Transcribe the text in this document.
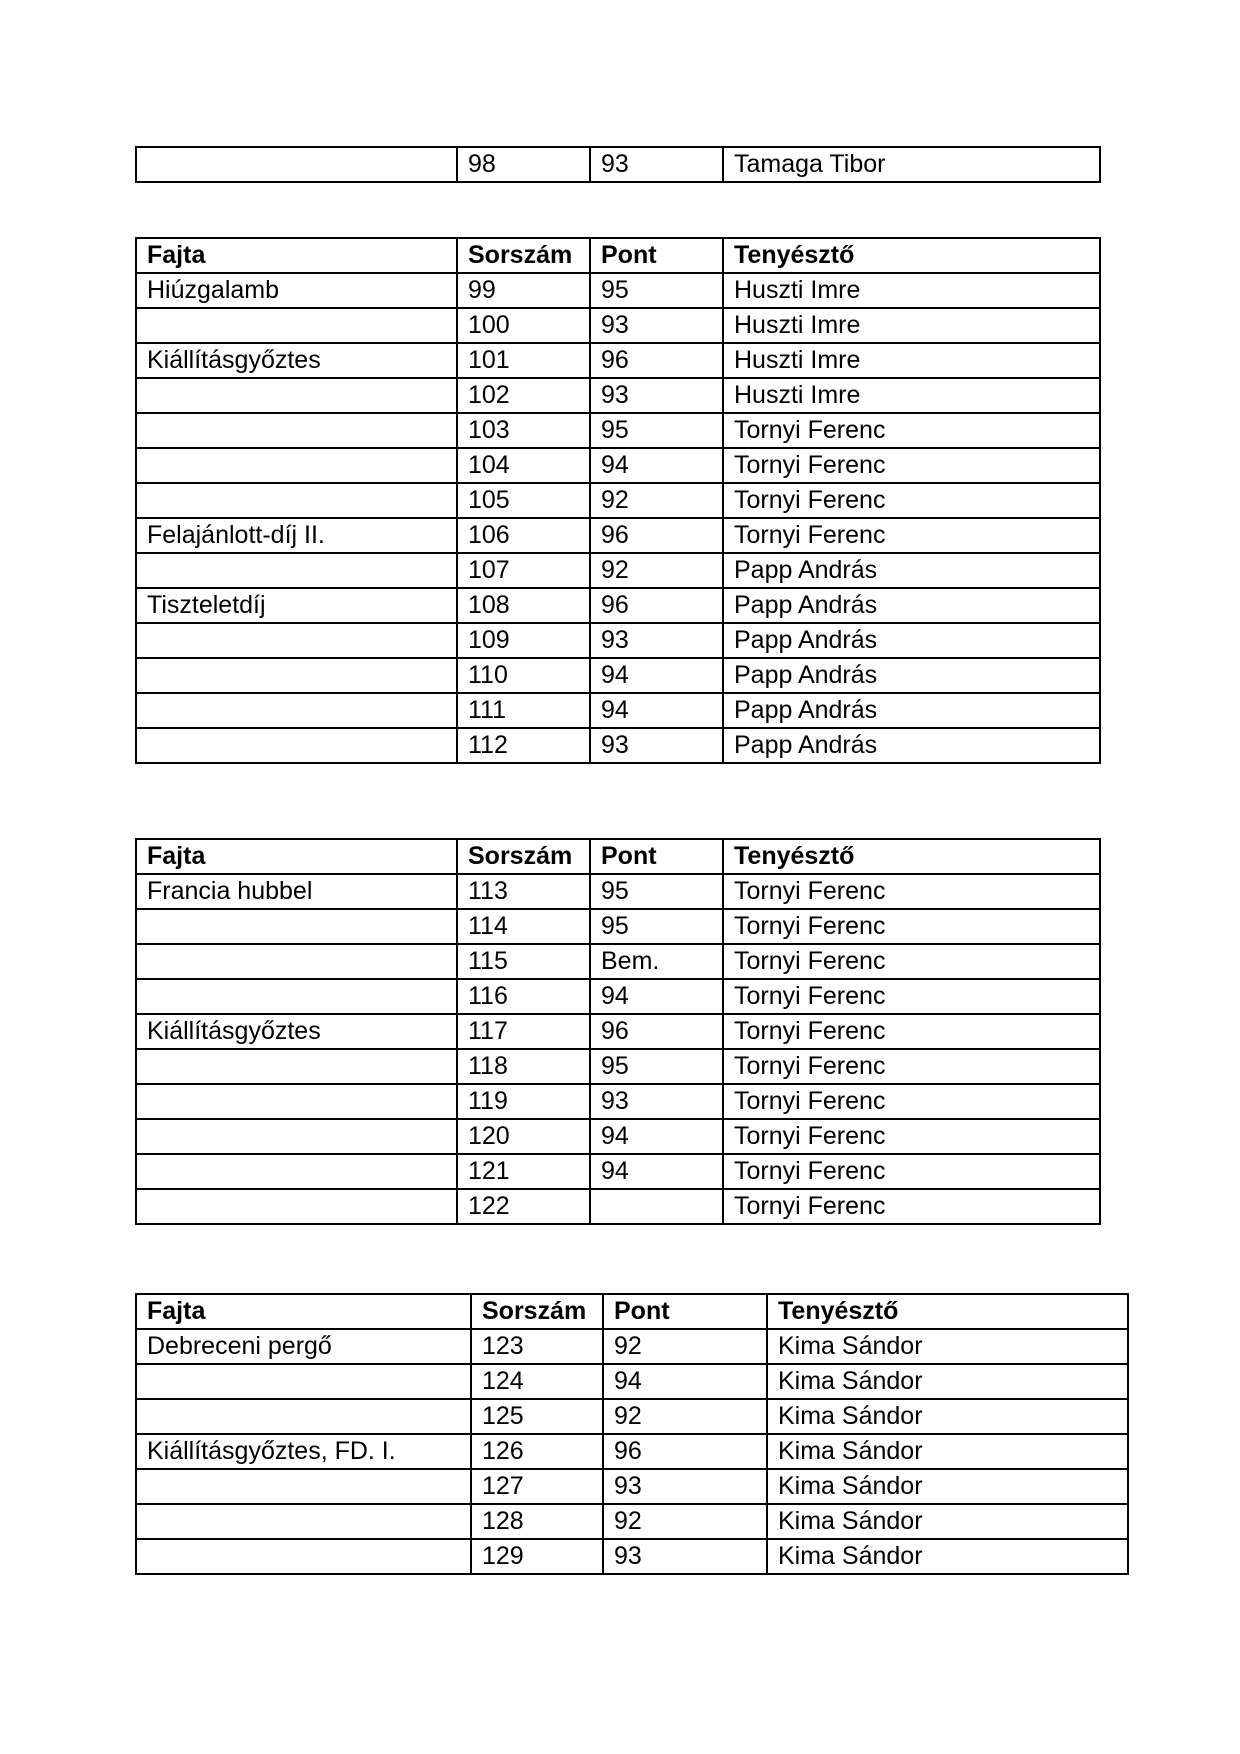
	98	93	Tamaga Tibor
Fajta	Sorszám	Pont	Tenyésztő
Hiúzgalamb	99	95	Huszti Imre
	100	93	Huszti Imre
Kiállításgyőztes	101	96	Huszti Imre
	102	93	Huszti Imre
	103	95	Tornyi Ferenc
	104	94	Tornyi Ferenc
	105	92	Tornyi Ferenc
Felajánlott-díj II.	106	96	Tornyi Ferenc
	107	92	Papp András
Tiszteletdíj	108	96	Papp András
	109	93	Papp András
	110	94	Papp András
	111	94	Papp András
	112	93	Papp András
Fajta	Sorszám	Pont	Tenyésztő
Francia hubbel	113	95	Tornyi Ferenc
	114	95	Tornyi Ferenc
	115	Bem.	Tornyi Ferenc
	116	94	Tornyi Ferenc
Kiállításgyőztes	117	96	Tornyi Ferenc
	118	95	Tornyi Ferenc
	119	93	Tornyi Ferenc
	120	94	Tornyi Ferenc
	121	94	Tornyi Ferenc
	122		Tornyi Ferenc
Fajta	Sorszám	Pont	Tenyésztő
Debreceni pergő	123	92	Kima Sándor
	124	94	Kima Sándor
	125	92	Kima Sándor
Kiállításgyőztes, FD. I.	126	96	Kima Sándor
	127	93	Kima Sándor
	128	92	Kima Sándor
	129	93	Kima Sándor
